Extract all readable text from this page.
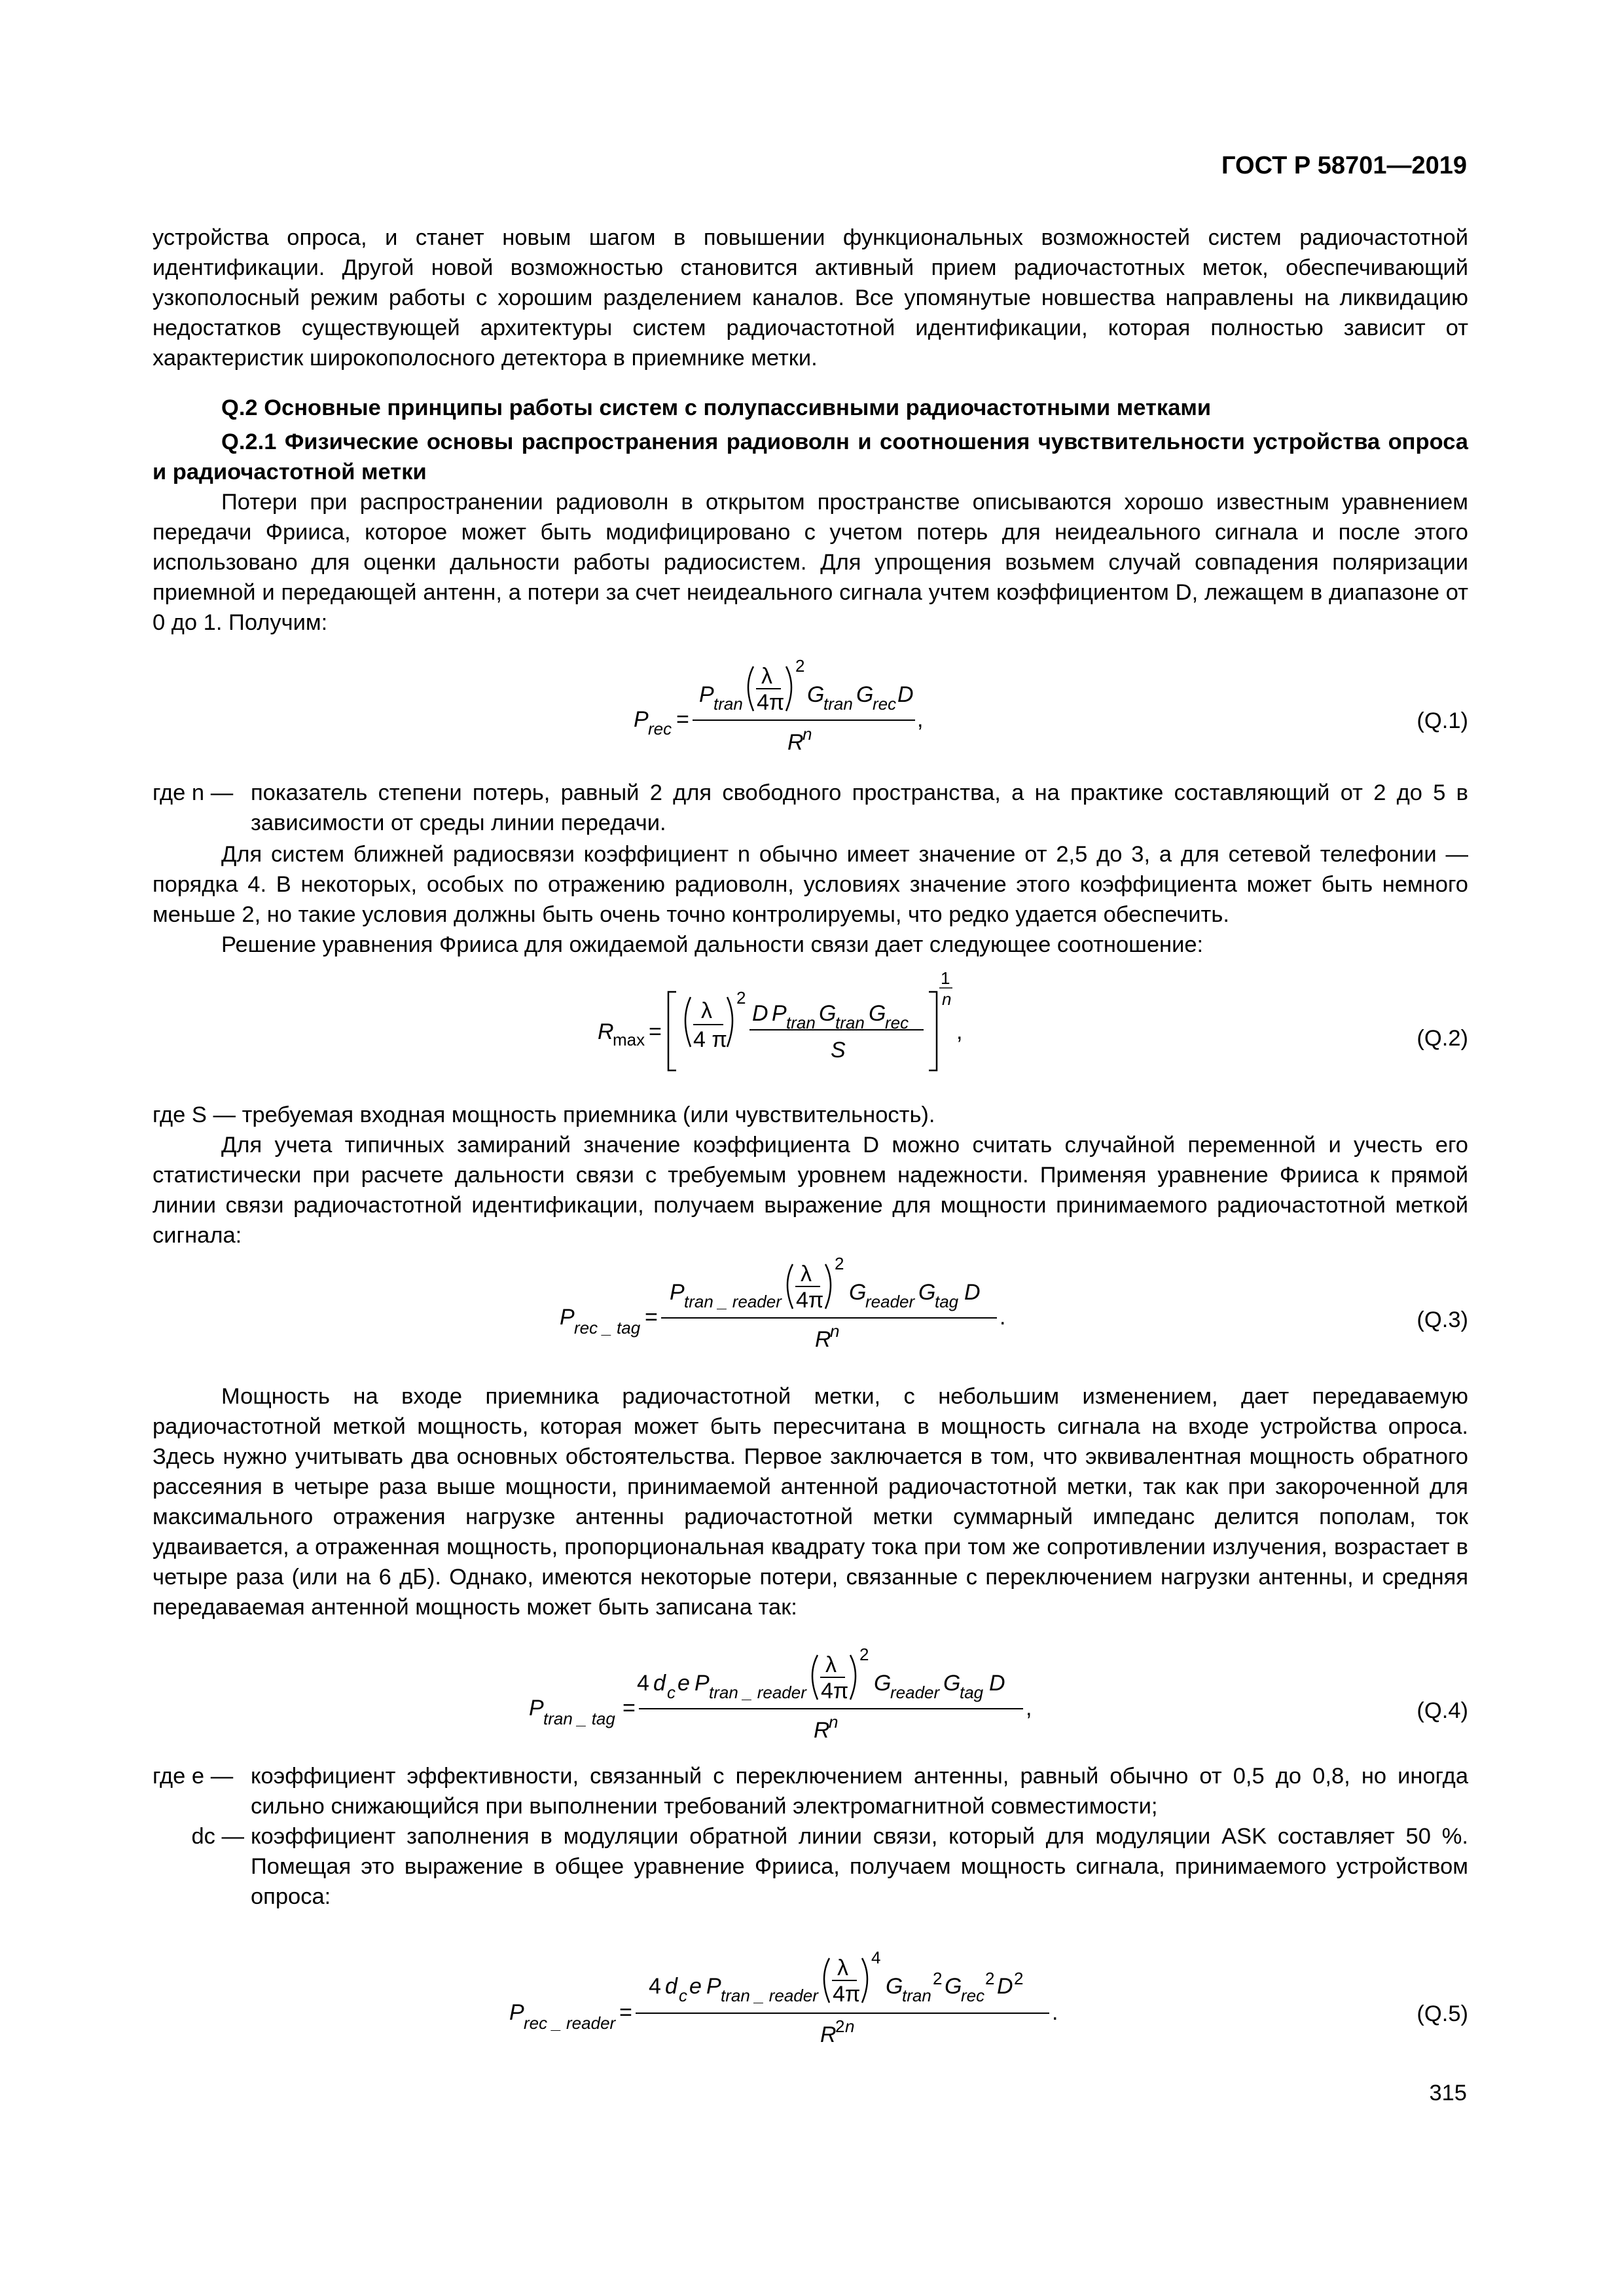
ГОСТ Р 58701—2019
устройства опроса, и станет новым шагом в повышении функциональных возможностей систем радиочастотной идентификации. Другой новой возможностью становится активный прием радиочастотных меток, обеспечивающий узкополосный режим работы с хорошим разделением каналов. Все упомянутые новшества направлены на ликвидацию недостатков существующей архитектуры систем радиочастотной идентификации, которая полностью зависит от характеристик широкополосного детектора в приемнике метки.
Q.2 Основные принципы работы систем с полупассивными радиочастотными метками
Q.2.1 Физические основы распространения радиоволн и соотношения чувствительности устройства опроса и радиочастотной метки
Потери при распространении радиоволн в открытом пространстве описываются хорошо известным уравнением передачи Фрииса, которое может быть модифицировано с учетом потерь для неидеального сигнала и после этого использовано для оценки дальности работы радиосистем. Для упрощения возьмем случай совпадения поляризации приемной и передающей антенн, а потери за счет неидеального сигнала учтем коэффициентом D, лежащем в диапазоне от 0 до 1. Получим:
P rec =
P tran
λ
4π
2
G
tran G
rec D
R
n
,	(Q.1)
где n — показатель степени потерь, равный 2 для свободного пространства, а на практике составляющий от 2 до 5 в зависимости от среды линии передачи.
Для систем ближней радиосвязи коэффициент n обычно имеет значение от 2,5 до 3, а для сетевой телефонии — порядка 4. В некоторых, особых по отражению радиоволн, условиях значение этого коэффициента может быть немного меньше 2, но такие условия должны быть очень точно контролируемы, что редко удается обеспечить.
Решение уравнения Фрииса для ожидаемой дальности связи дает следующее соотношение:
R
max =
λ
4 π
2
D P tran G
tran G
rec
S
1
n
,	(Q.2)
где S — требуемая входная мощность приемника (или чувствительность).
Для учета типичных замираний значение коэффициента D можно считать случайной переменной и учесть его статистически при расчете дальности связи с требуемым уровнем надежности. Применяя уравнение Фрииса к прямой линии связи радиочастотной идентификации, получаем выражение для мощности принимаемого радиочастотной меткой сигнала:
P rec _ tag =
P tran _ reader
λ
4π
2
G
reader G
tag D
R
n
.	(Q.3)
Мощность на входе приемника радиочастотной метки, с небольшим изменением, дает передаваемую радиочастотной меткой мощность, которая может быть пересчитана в мощность сигнала на входе устройства опроса. Здесь нужно учитывать два основных обстоятельства. Первое заключается в том, что эквивалентная мощность обратного рассеяния в четыре раза выше мощности, принимаемой антенной радиочастотной метки, так как при закороченной для максимального отражения нагрузке антенны радиочастотной метки суммарный импеданс делится пополам, ток удваивается, а отраженная мощность, пропорциональная квадрату тока при том же сопротивлении излучения, возрастает в четыре раза (или на 6 дБ). Однако, имеются некоторые потери, связанные с переключением нагрузки антенны, и средняя передаваемая антенной мощность может быть записана так:
P tran _ tag =
4 d c e P tran _ reader
λ
4π
2
G
reader G
tag D
R
n
,	(Q.4)
где e — коэффициент эффективности, связанный с переключением антенны, равный обычно от 0,5 до 0,8, но иногда сильно снижающийся при выполнении требований электромагнитной совместимости;
dc — коэффициент заполнения в модуляции обратной линии связи, который для модуляции ASK составляет 50 %. Помещая это выражение в общее уравнение Фрииса, получаем мощность сигнала, принимаемого устройством опроса:
P rec _ reader =
4 d c e P tran _ reader
λ
4π
4
G
tran
2 G
rec
2 D 2
R
2 n
.	(Q.5)
315
